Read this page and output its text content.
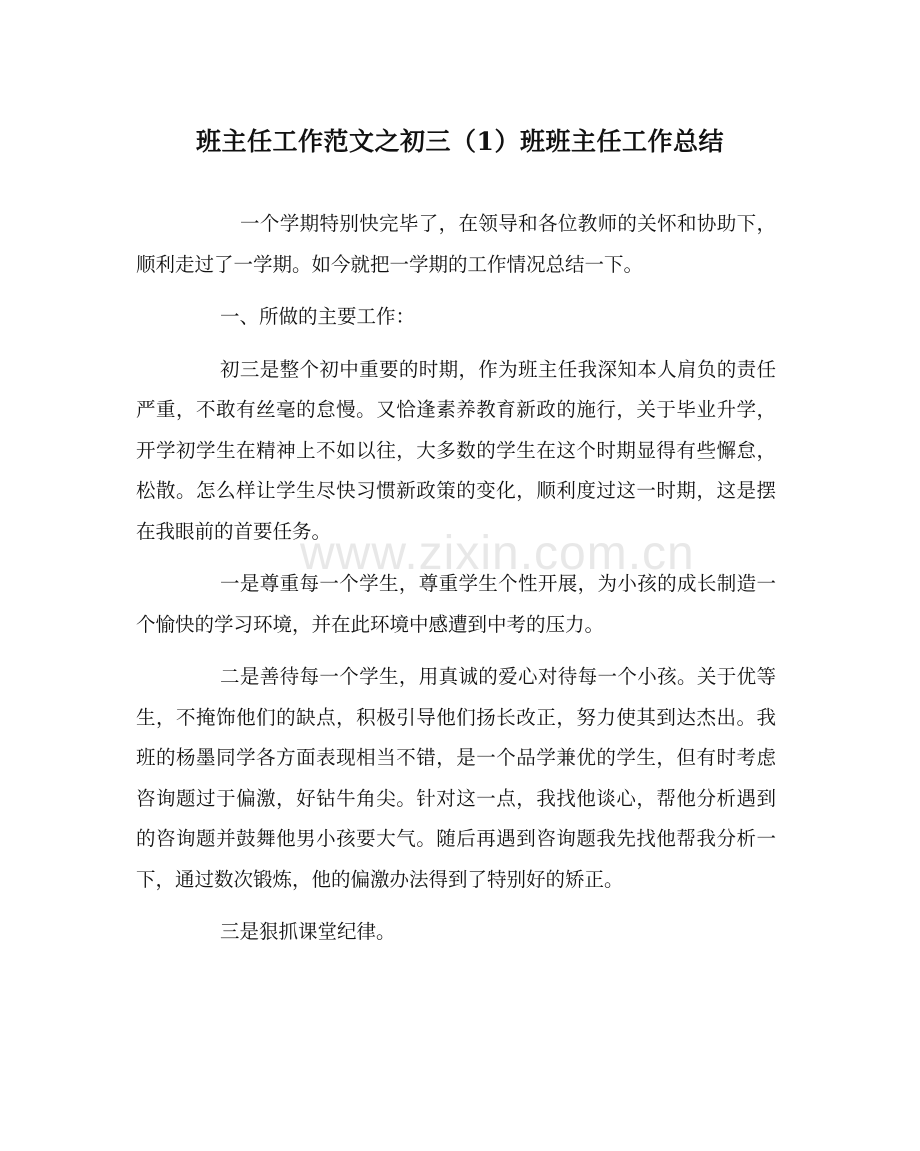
班主任工作范文之初三（1）班班主任工作总结

一个学期特别快完毕了，在领导和各位教师的关怀和协助下，顺利走过了一学期。如今就把一学期的工作情况总结一下。

一、所做的主要工作：

初三是整个初中重要的时期，作为班主任我深知本人肩负的责任严重，不敢有丝毫的怠慢。又恰逢素养教育新政的施行，关于毕业升学，开学初学生在精神上不如以往，大多数的学生在这个时期显得有些懈怠，松散。怎么样让学生尽快习惯新政策的变化，顺利度过这一时期，这是摆在我眼前的首要任务。

一是尊重每一个学生，尊重学生个性开展，为小孩的成长制造一个愉快的学习环境，并在此环境中感遭到中考的压力。

二是善待每一个学生，用真诚的爱心对待每一个小孩。关于优等生，不掩饰他们的缺点，积极引导他们扬长改正，努力使其到达杰出。我班的杨墨同学各方面表现相当不错，是一个品学兼优的学生，但有时考虑咨询题过于偏激，好钻牛角尖。针对这一点，我找他谈心，帮他分析遇到的咨询题并鼓舞他男小孩要大气。随后再遇到咨询题我先找他帮我分析一下，通过数次锻炼，他的偏激办法得到了特别好的矫正。

三是狠抓课堂纪律。

www.zixin.com.cn
